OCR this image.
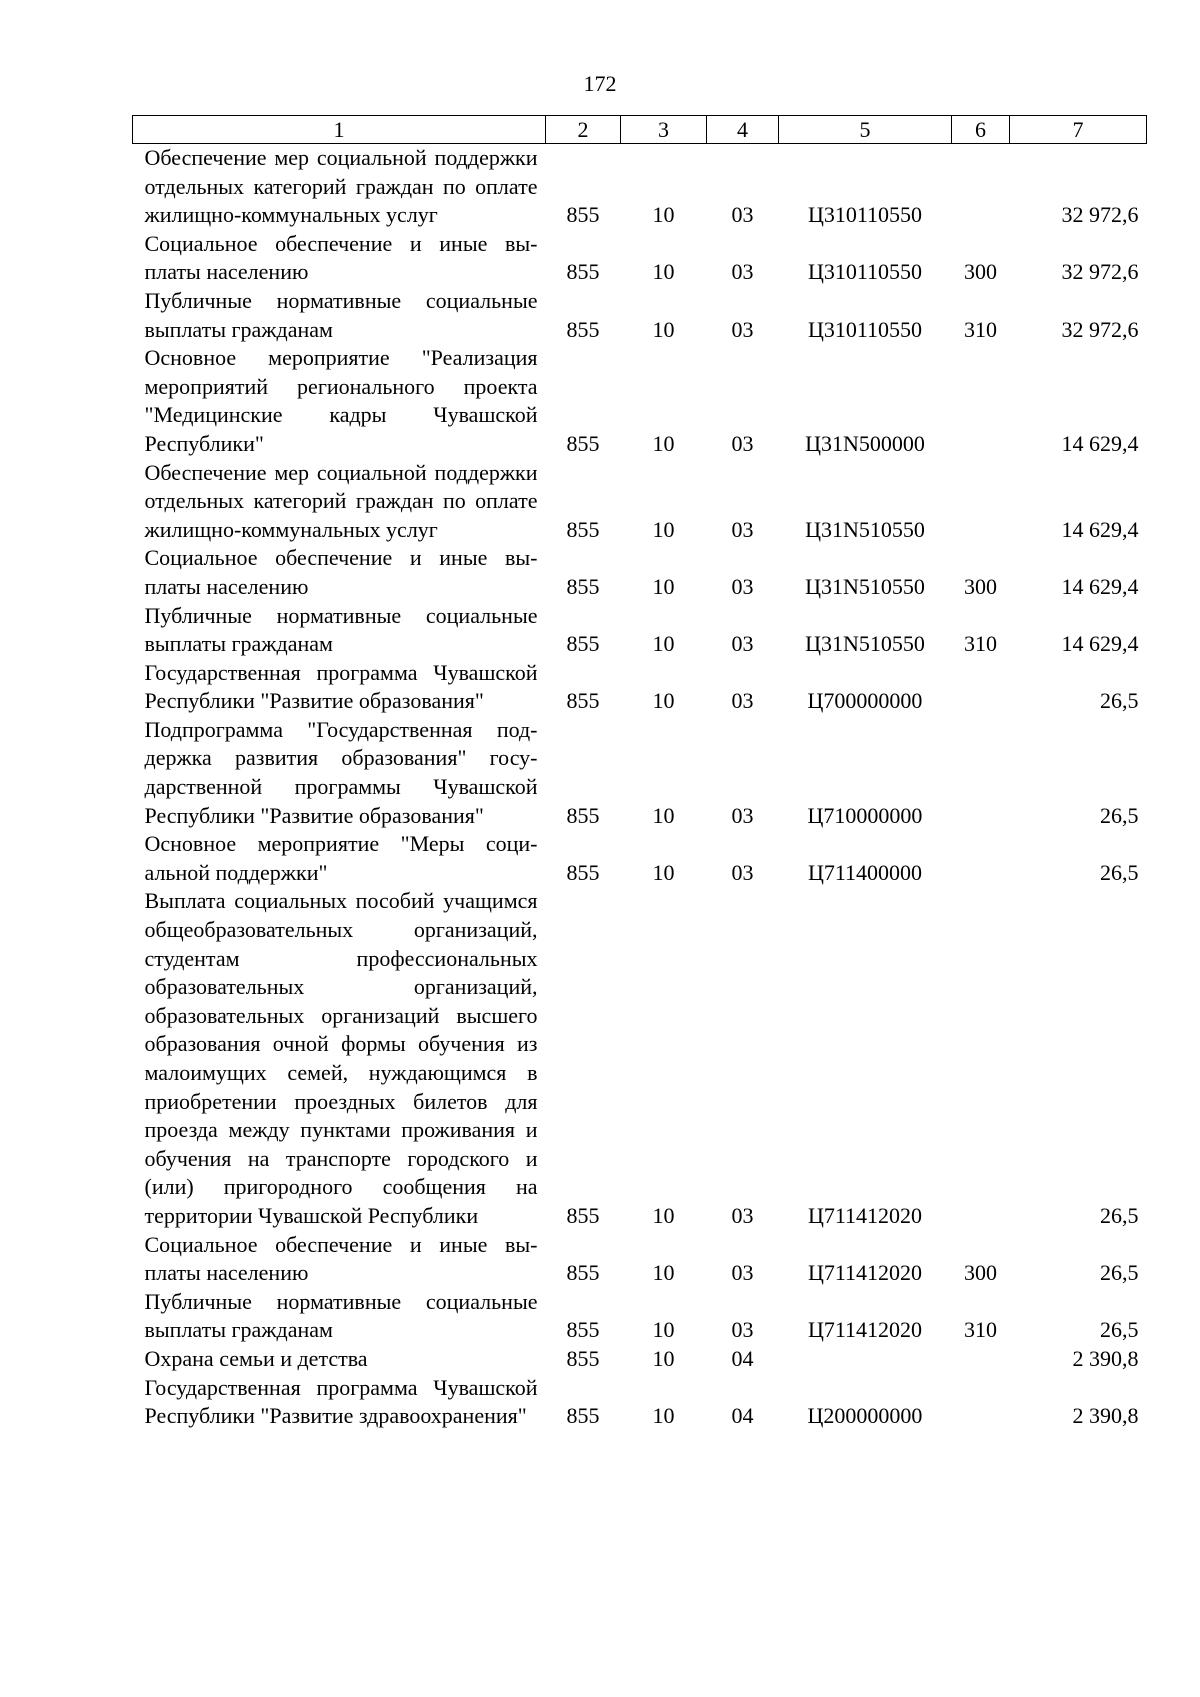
172
1	2	3	4	5	6	7
Обеспечение мер социальной поддержки отдельных категорий граждан по оплате жилищно-коммунальных услуг	855	10	03	Ц310110550		32 972,6
Социальное обеспечение и иные выплаты населению	855	10	03	Ц310110550	300	32 972,6
Публичные нормативные социальные выплаты гражданам	855	10	03	Ц310110550	310	32 972,6
Основное мероприятие "Реализация мероприятий регионального проекта "Медицинские кадры Чувашской Республики"	855	10	03	Ц31N500000		14 629,4
Обеспечение мер социальной поддержки отдельных категорий граждан по оплате жилищно-коммунальных услуг	855	10	03	Ц31N510550		14 629,4
Социальное обеспечение и иные выплаты населению	855	10	03	Ц31N510550	300	14 629,4
Публичные нормативные социальные выплаты гражданам	855	10	03	Ц31N510550	310	14 629,4
Государственная программа Чувашской Республики "Развитие образования"	855	10	03	Ц700000000		26,5
Подпрограмма "Государственная поддержка развития образования" государственной программы Чувашской Республики "Развитие образования"	855	10	03	Ц710000000		26,5
Основное мероприятие "Меры социальной поддержки"	855	10	03	Ц711400000		26,5
Выплата социальных пособий учащимся общеобразовательных организаций, студентам профессиональных образовательных организаций, образовательных организаций высшего образования очной формы обучения из малоимущих семей, нуждающимся в приобретении проездных билетов для проезда между пунктами проживания и обучения на транспорте городского и (или) пригородного сообщения на территории Чувашской Республики	855	10	03	Ц711412020		26,5
Социальное обеспечение и иные выплаты населению	855	10	03	Ц711412020	300	26,5
Публичные нормативные социальные выплаты гражданам	855	10	03	Ц711412020	310	26,5
Охрана семьи и детства	855	10	04			2 390,8
Государственная программа Чувашской Республики "Развитие здравоохранения"	855	10	04	Ц200000000		2 390,8
